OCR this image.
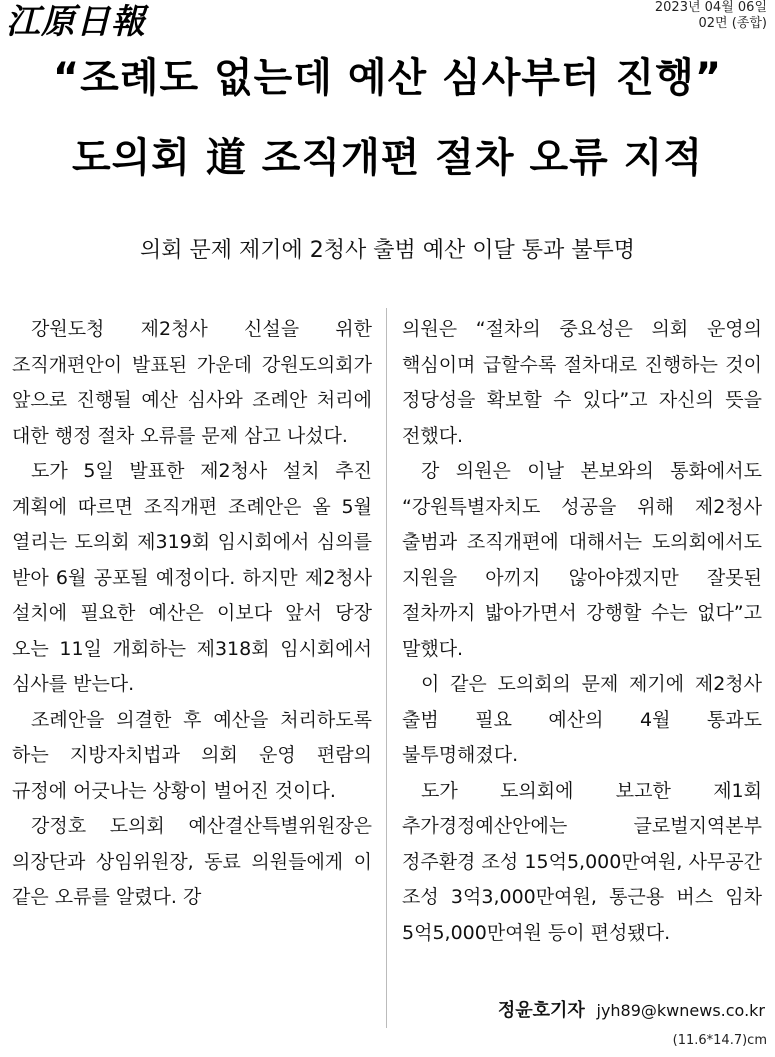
江原日報	2023년 04월 06일
02면 (종합)
“조례도 없는데 예산 심사부터 진행”
도의회 道 조직개편 절차 오류 지적
의회 문제 제기에 2청사 출범 예산 이달 통과 불투명

강원도청 제2청사 신설을 위한 조직개편안이 발표된 가운데 강원도의회가 앞으로 진행될 예산 심사와 조례안 처리에 대한 행정 절차 오류를 문제 삼고 나섰다.

도가 5일 발표한 제2청사 설치 추진 계획에 따르면 조직개편 조례안은 올 5월 열리는 도의회 제319회 임시회에서 심의를 받아 6월 공포될 예정이다. 하지만 제2청사 설치에 필요한 예산은 이보다 앞서 당장 오는 11일 개회하는 제318회 임시회에서 심사를 받는다.

조례안을 의결한 후 예산을 처리하도록 하는 지방자치법과 의회 운영 편람의 규정에 어긋나는 상황이 벌어진 것이다.

강정호 도의회 예산결산특별위원장은 의장단과 상임위원장, 동료 의원들에게 이 같은 오류를 알렸다. 강

의원은 “절차의 중요성은 의회 운영의 핵심이며 급할수록 절차대로 진행하는 것이 정당성을 확보할 수 있다”고 자신의 뜻을 전했다.

강 의원은 이날 본보와의 통화에서도 “강원특별자치도 성공을 위해 제2청사 출범과 조직개편에 대해서는 도의회에서도 지원을 아끼지 않아야겠지만 잘못된 절차까지 밟아가면서 강행할 수는 없다”고 말했다.

이 같은 도의회의 문제 제기에 제2청사 출범 필요 예산의 4월 통과도 불투명해졌다.

도가 도의회에 보고한 제1회 추가경정예산안에는 글로벌지역본부 정주환경 조성 15억5,000만여원, 사무공간 조성 3억3,000만여원, 통근용 버스 임차 5억5,000만여원 등이 편성됐다.

정윤호기자 jyh89@kwnews.co.kr
(11.6*14.7)cm
